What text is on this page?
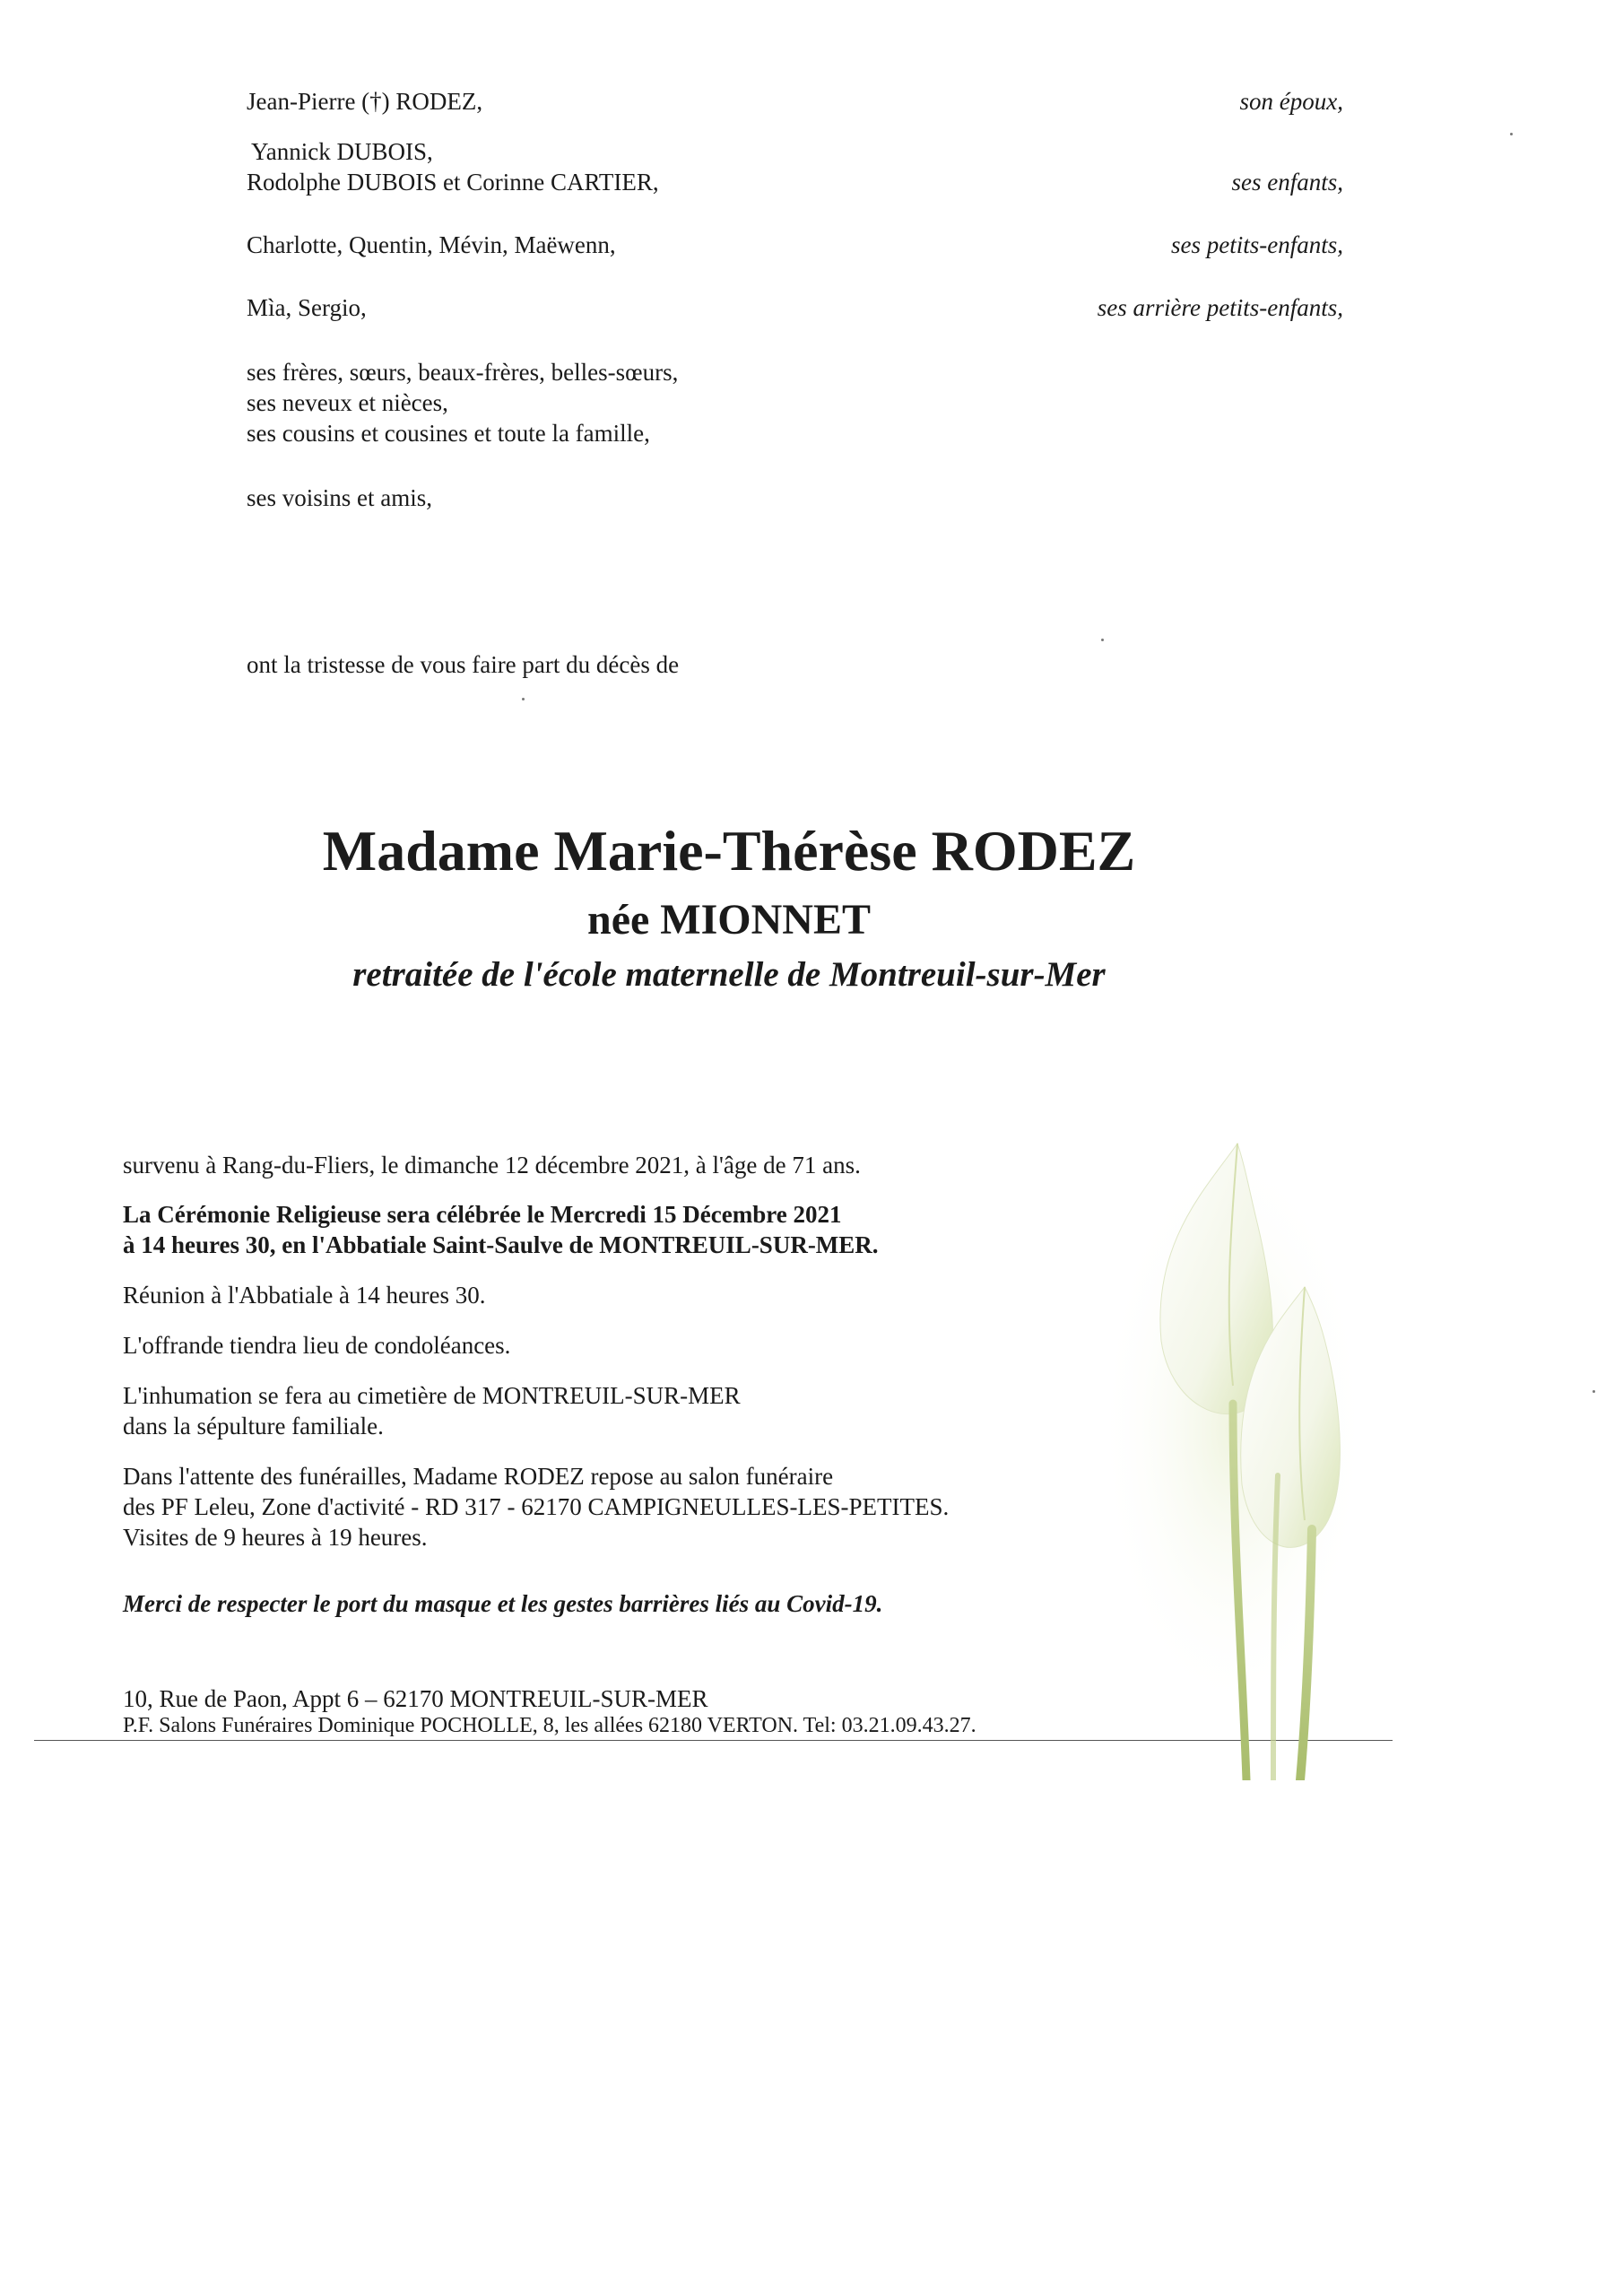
Jean-Pierre (†) RODEZ,	son époux,
Yannick DUBOIS,
Rodolphe DUBOIS et Corinne CARTIER,	ses enfants,
Charlotte, Quentin, Mévin, Maëwenn,	ses petits-enfants,
Mìa, Sergio,	ses arrière petits-enfants,
ses frères, sœurs, beaux-frères, belles-sœurs,
ses neveux et nièces,
ses cousins et cousines et toute la famille,
ses voisins et amis,
ont la tristesse de vous faire part du décès de
Madame Marie-Thérèse RODEZ
née MIONNET
retraitée de l'école maternelle de Montreuil-sur-Mer
survenu à Rang-du-Fliers, le dimanche 12 décembre 2021, à l'âge de 71 ans.
La Cérémonie Religieuse sera célébrée le Mercredi 15 Décembre 2021
à 14 heures 30, en l'Abbatiale Saint-Saulve de MONTREUIL-SUR-MER.
Réunion à l'Abbatiale à 14 heures 30.
L'offrande tiendra lieu de condoléances.
L'inhumation se fera au cimetière de MONTREUIL-SUR-MER
dans la sépulture familiale.
Dans l'attente des funérailles, Madame RODEZ repose au salon funéraire
des PF Leleu, Zone d'activité - RD 317 - 62170 CAMPIGNEULLES-LES-PETITES.
Visites de 9 heures à 19 heures.
Merci de respecter le port du masque et les gestes barrières liés au Covid-19.
10, Rue de Paon, Appt 6 – 62170 MONTREUIL-SUR-MER
P.F. Salons Funéraires Dominique POCHOLLE, 8, les allées 62180 VERTON. Tel: 03.21.09.43.27.
